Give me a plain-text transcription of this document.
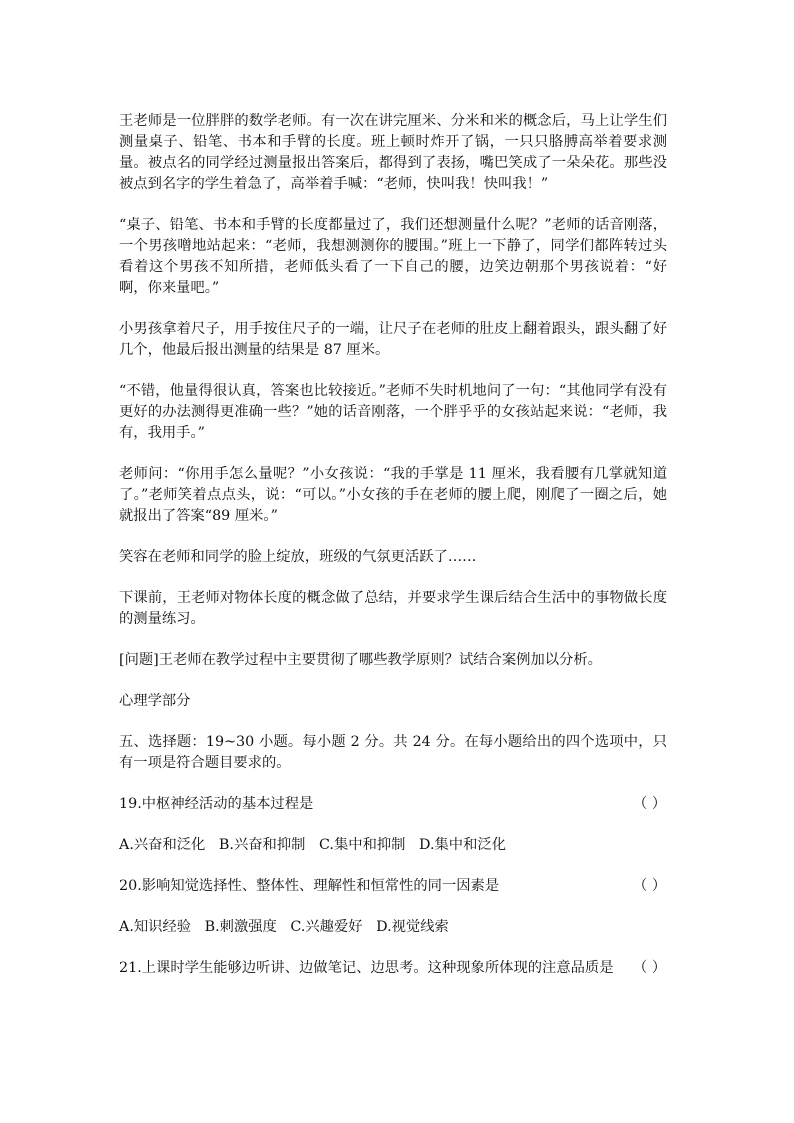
王老师是一位胖胖的数学老师。有一次在讲完厘米、分米和米的概念后，马上让学生们测量桌子、铅笔、书本和手臂的长度。班上顿时炸开了锅，一只只胳膊高举着要求测量。被点名的同学经过测量报出答案后，都得到了表扬，嘴巴笑成了一朵朵花。那些没被点到名字的学生着急了，高举着手喊：“老师，快叫我！快叫我！”

“桌子、铅笔、书本和手臂的长度都量过了，我们还想测量什么呢？”老师的话音刚落，一个男孩噌地站起来：“老师，我想测测你的腰围。”班上一下静了，同学们都阵转过头看着这个男孩不知所措，老师低头看了一下自己的腰，边笑边朝那个男孩说着：“好啊，你来量吧。”

小男孩拿着尺子，用手按住尺子的一端，让尺子在老师的肚皮上翻着跟头，跟头翻了好几个，他最后报出测量的结果是 87 厘米。

“不错，他量得很认真，答案也比较接近。”老师不失时机地问了一句：“其他同学有没有更好的办法测得更准确一些？”她的话音刚落，一个胖乎乎的女孩站起来说：“老师，我有，我用手。”

老师问：“你用手怎么量呢？”小女孩说：“我的手掌是 11 厘米，我看腰有几掌就知道了。”老师笑着点点头，说：“可以。”小女孩的手在老师的腰上爬，刚爬了一圈之后，她就报出了答案“89 厘米。”

笑容在老师和同学的脸上绽放，班级的气氛更活跃了……

下课前，王老师对物体长度的概念做了总结，并要求学生课后结合生活中的事物做长度的测量练习。

[问题]王老师在教学过程中主要贯彻了哪些教学原则？试结合案例加以分析。

心理学部分

五、选择题：19~30 小题。每小题 2 分。共 24 分。在每小题给出的四个选项中，只有一项是符合题目要求的。

19.中枢神经活动的基本过程是	（ ）
A.兴奋和泛化 B.兴奋和抑制 C.集中和抑制 D.集中和泛化
20.影响知觉选择性、整体性、理解性和恒常性的同一因素是	（ ）
A.知识经验 B.刺激强度 C.兴趣爱好 D.视觉线索
21.上课时学生能够边听讲、边做笔记、边思考。这种现象所体现的注意品质是 （ ）
